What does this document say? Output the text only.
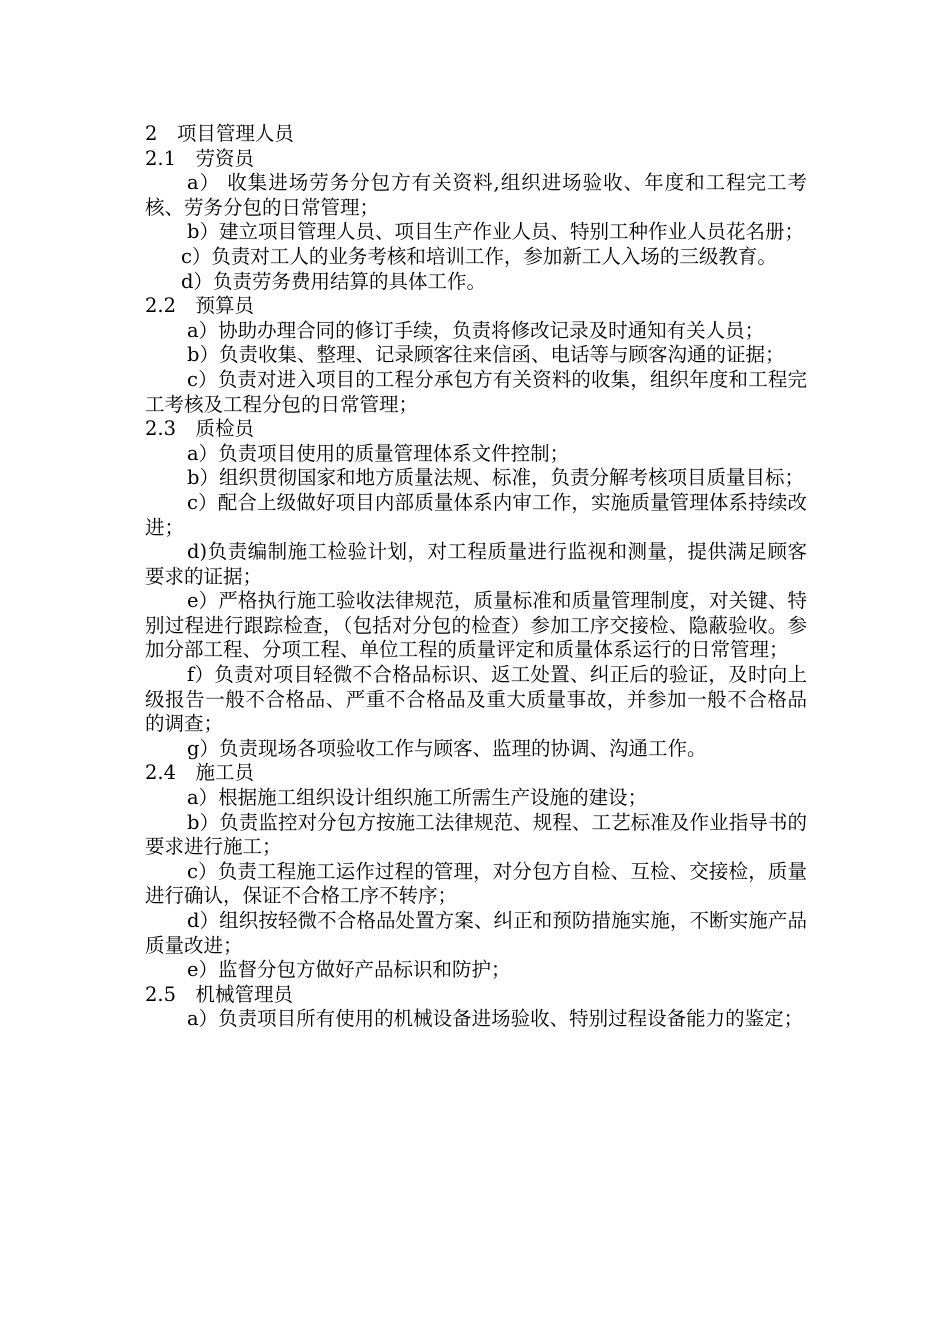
2　项目管理人员

2.1　劳资员

a） 收集进场劳务分包方有关资料,组织进场验收、年度和工程完工考核、劳务分包的日常管理；

b）建立项目管理人员、项目生产作业人员、特别工种作业人员花名册；

c）负责对工人的业务考核和培训工作，参加新工人入场的三级教育。

d）负责劳务费用结算的具体工作。

2.2　预算员

a）协助办理合同的修订手续，负责将修改记录及时通知有关人员；

b）负责收集、整理、记录顾客往来信函、电话等与顾客沟通的证据；

c）负责对进入项目的工程分承包方有关资料的收集，组织年度和工程完工考核及工程分包的日常管理；

2.3　质检员

a）负责项目使用的质量管理体系文件控制；

b）组织贯彻国家和地方质量法规、标准，负责分解考核项目质量目标；

c）配合上级做好项目内部质量体系内审工作，实施质量管理体系持续改进；

d)负责编制施工检验计划，对工程质量进行监视和测量，提供满足顾客要求的证据；

e）严格执行施工验收法律规范，质量标准和质量管理制度，对关键、特别过程进行跟踪检查，（包括对分包的检查）参加工序交接检、隐蔽验收。参加分部工程、分项工程、单位工程的质量评定和质量体系运行的日常管理；

f）负责对项目轻微不合格品标识、返工处置、纠正后的验证，及时向上级报告一般不合格品、严重不合格品及重大质量事故，并参加一般不合格品的调查；

g）负责现场各项验收工作与顾客、监理的协调、沟通工作。

2.4　施工员

a）根据施工组织设计组织施工所需生产设施的建设；

b）负责监控对分包方按施工法律规范、规程、工艺标准及作业指导书的要求进行施工；

c）负责工程施工运作过程的管理，对分包方自检、互检、交接检，质量进行确认，保证不合格工序不转序；

d）组织按轻微不合格品处置方案、纠正和预防措施实施，不断实施产品质量改进；

e）监督分包方做好产品标识和防护；

2.5　机械管理员

a）负责项目所有使用的机械设备进场验收、特别过程设备能力的鉴定；
